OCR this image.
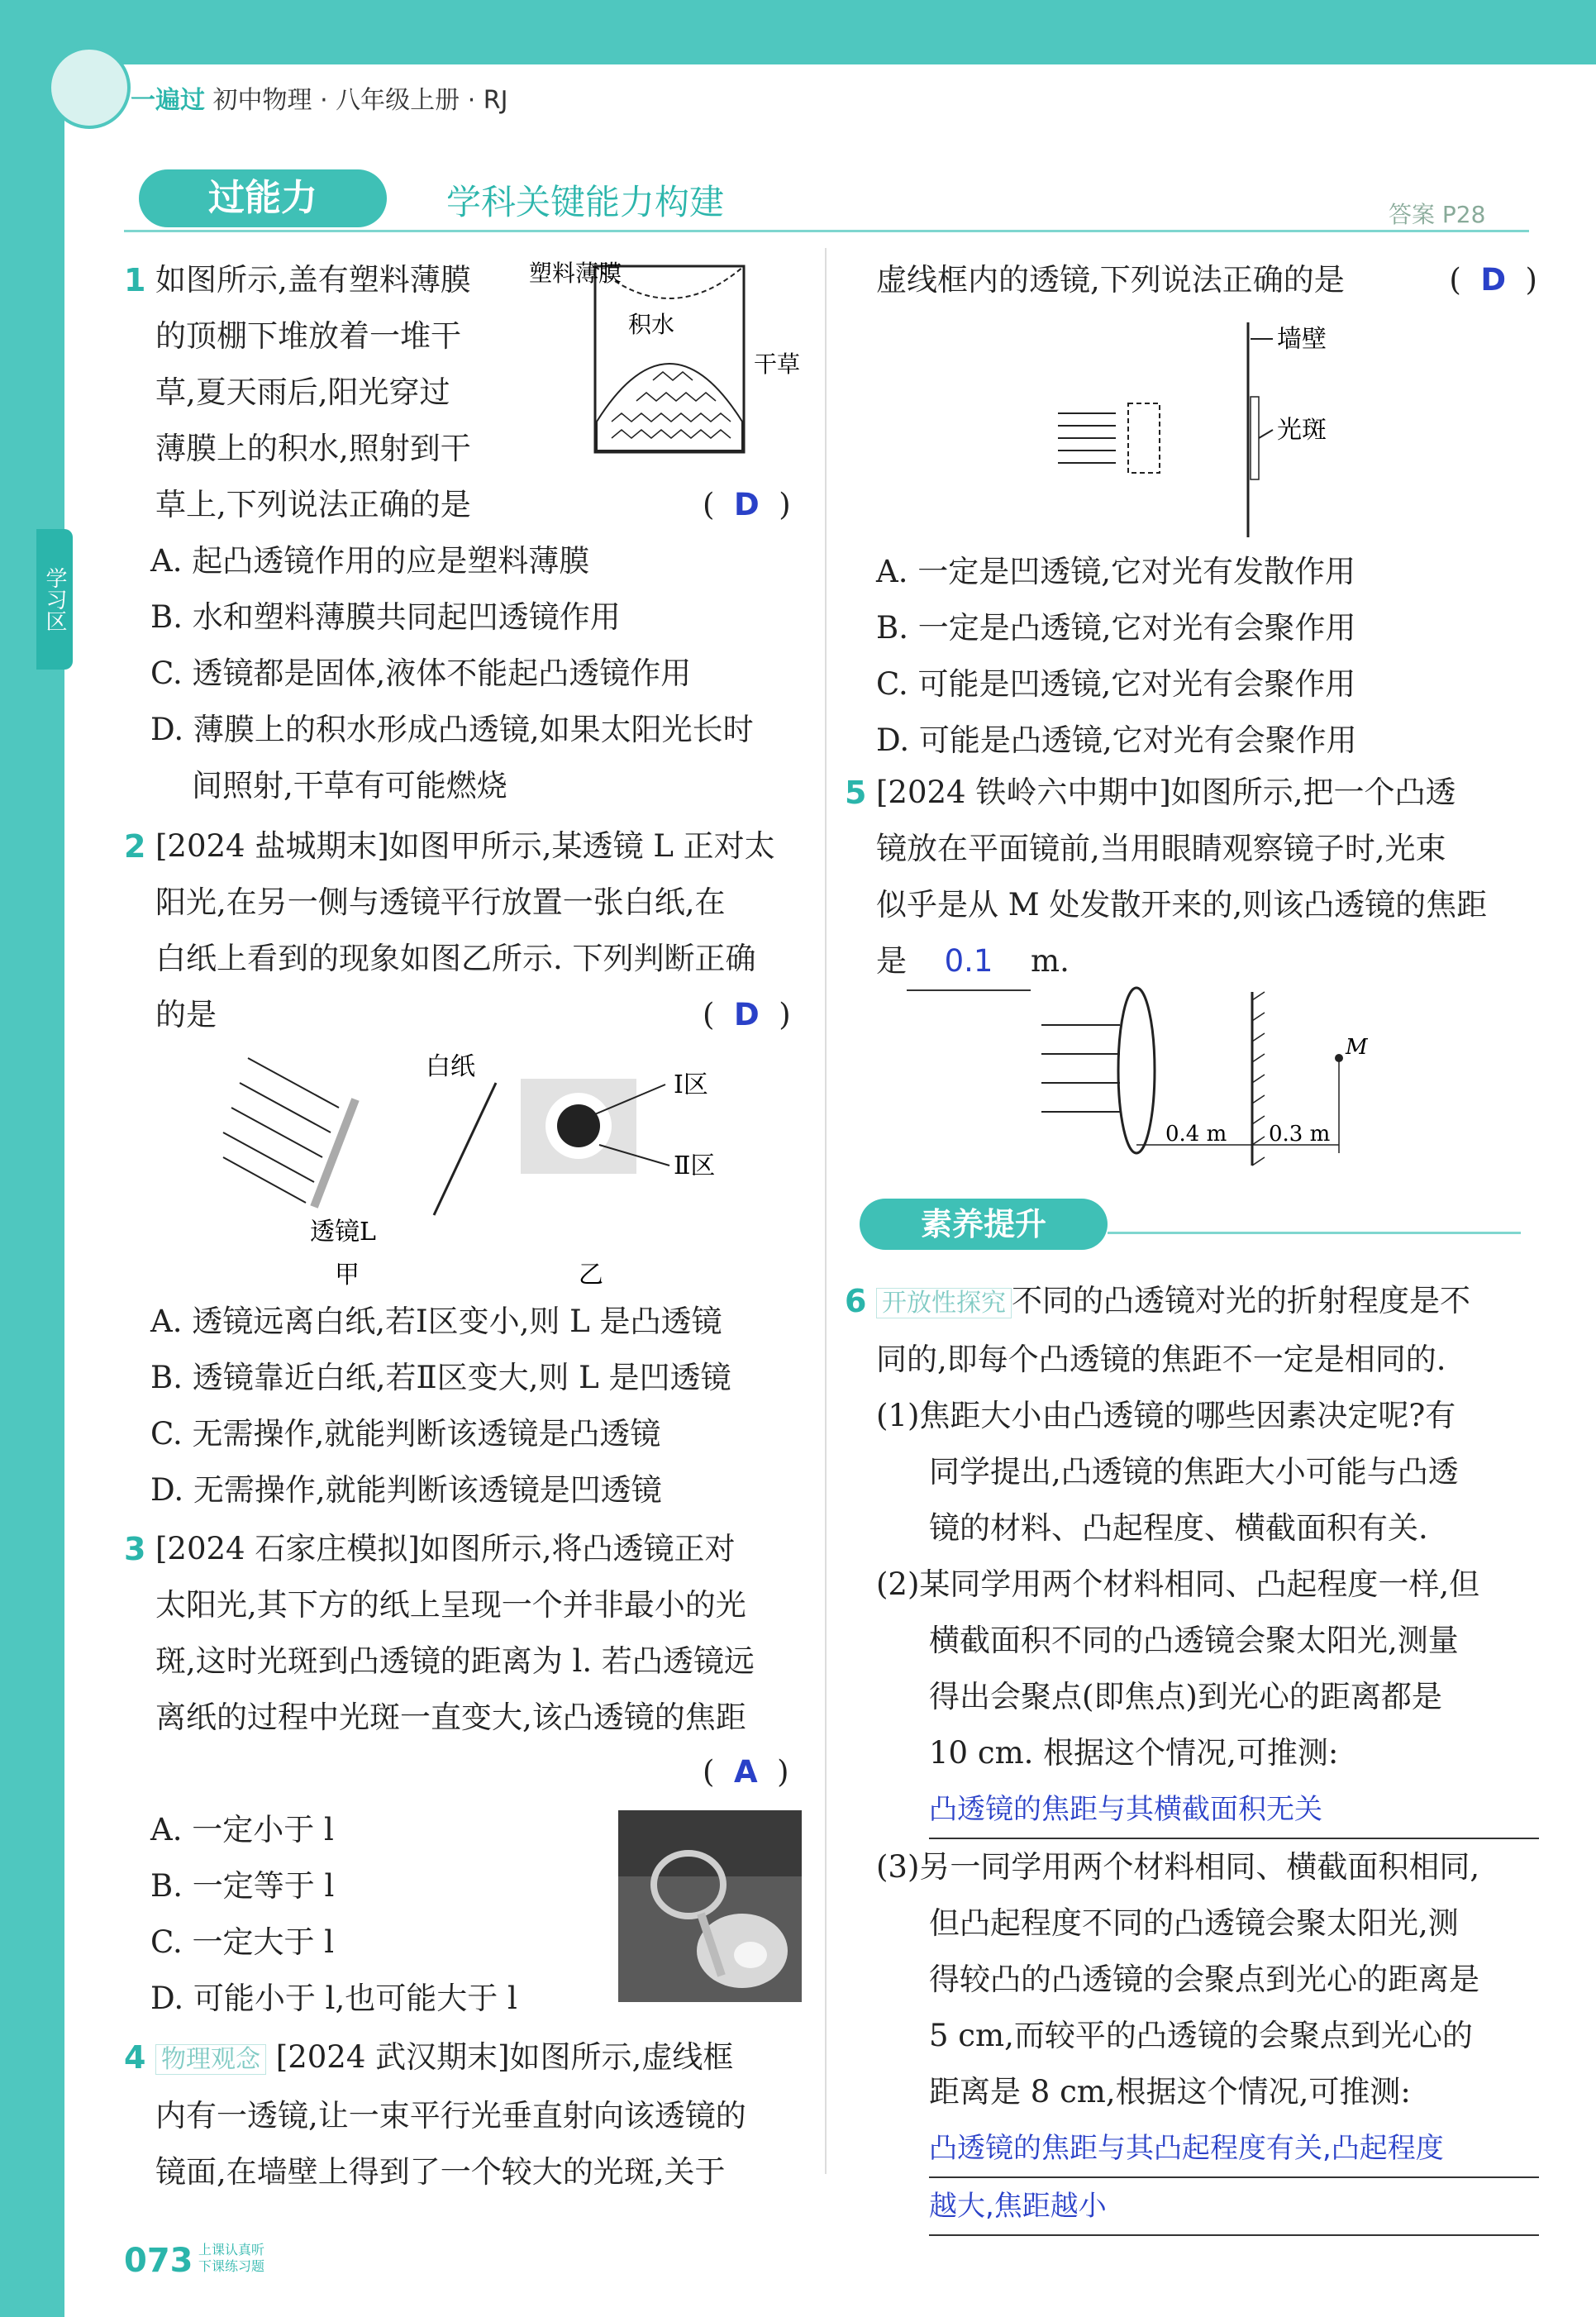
一遍过 初中物理 · 八年级上册 · RJ
学习区
过能力	学科关键能力构建	答案 P28
1 如图所示,盖有塑料薄膜

的顶棚下堆放着一堆干

草,夏天雨后,阳光穿过

薄膜上的积水,照射到干

草上,下列说法正确的是	(  D  )
塑料薄膜
积水
干草

A. 起凸透镜作用的应是塑料薄膜

B. 水和塑料薄膜共同起凹透镜作用

C. 透镜都是固体,液体不能起凸透镜作用

D. 薄膜上的积水形成凸透镜,如果太阳光长时

间照射,干草有可能燃烧

2 [2024 盐城期末]如图甲所示,某透镜 L 正对太

阳光,在另一侧与透镜平行放置一张白纸,在

白纸上看到的现象如图乙所示. 下列判断正确

的是	(  D  )
白纸
透镜L
甲
Ⅰ区
Ⅱ区
乙

A. 透镜远离白纸,若Ⅰ区变小,则 L 是凸透镜

B. 透镜靠近白纸,若Ⅱ区变大,则 L 是凹透镜

C. 无需操作,就能判断该透镜是凸透镜

D. 无需操作,就能判断该透镜是凹透镜

3 [2024 石家庄模拟]如图所示,将凸透镜正对

太阳光,其下方的纸上呈现一个并非最小的光

斑,这时光斑到凸透镜的距离为 l. 若凸透镜远

离纸的过程中光斑一直变大,该凸透镜的焦距

(  A  )

A. 一定小于 l

B. 一定等于 l

C. 一定大于 l

D. 可能小于 l,也可能大于 l

4 物理观念 [2024 武汉期末]如图所示,虚线框

内有一透镜,让一束平行光垂直射向该透镜的

镜面,在墙壁上得到了一个较大的光斑,关于

虚线框内的透镜,下列说法正确的是	(  D  )

墙壁
光斑

A. 一定是凹透镜,它对光有发散作用

B. 一定是凸透镜,它对光有会聚作用

C. 可能是凹透镜,它对光有会聚作用

D. 可能是凸透镜,它对光有会聚作用

5 [2024 铁岭六中期中]如图所示,把一个凸透

镜放在平面镜前,当用眼睛观察镜子时,光束

似乎是从 M 处发散开来的,则该凸透镜的焦距

是 0.1 m.

M
0.4 m 0.3 m
素养提升
6 开放性探究 不同的凸透镜对光的折射程度是不

同的,即每个凸透镜的焦距不一定是相同的.

(1)焦距大小由凸透镜的哪些因素决定呢?有

同学提出,凸透镜的焦距大小可能与凸透

镜的材料、凸起程度、横截面积有关.

(2)某同学用两个材料相同、凸起程度一样,但

横截面积不同的凸透镜会聚太阳光,测量

得出会聚点(即焦点)到光心的距离都是

10 cm. 根据这个情况,可推测:

凸透镜的焦距与其横截面积无关

(3)另一同学用两个材料相同、横截面积相同,

但凸起程度不同的凸透镜会聚太阳光,测

得较凸的凸透镜的会聚点到光心的距离是

5 cm,而较平的凸透镜的会聚点到光心的

距离是 8 cm,根据这个情况,可推测:

凸透镜的焦距与其凸起程度有关,凸起程度

越大,焦距越小

073 上课认真听
下课练习题
